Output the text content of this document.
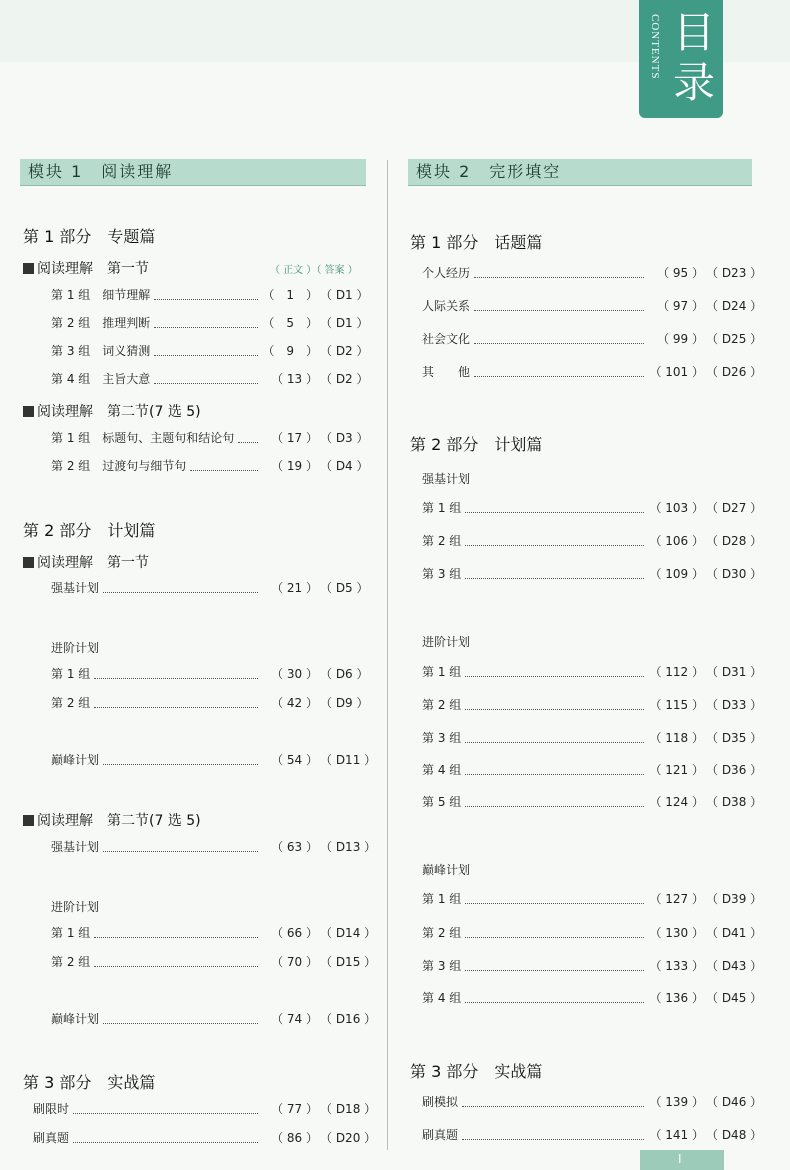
CONTENTS 目录
模块 1　阅读理解
第 1 部分　专题篇
阅读理解　第一节	（ 正文 ）（ 答案 ）
第 1 组　细节理解	（　1　） （ D1 ）
第 2 组　推理判断	（　5　） （ D1 ）
第 3 组　词义猜测	（　9　） （ D2 ）
第 4 组　主旨大意	（ 13 ） （ D2 ）
阅读理解　第二节(7 选 5)
第 1 组　标题句、主题句和结论句	（ 17 ） （ D3 ）
第 2 组　过渡句与细节句	（ 19 ） （ D4 ）
第 2 部分　计划篇
阅读理解　第一节
强基计划	（ 21 ） （ D5 ）
进阶计划
第 1 组	（ 30 ） （ D6 ）
第 2 组	（ 42 ） （ D9 ）
巅峰计划	（ 54 ） （ D11 ）
阅读理解　第二节(7 选 5)
强基计划	（ 63 ） （ D13 ）
进阶计划
第 1 组	（ 66 ） （ D14 ）
第 2 组	（ 70 ） （ D15 ）
巅峰计划	（ 74 ） （ D16 ）
第 3 部分　实战篇
刷限时	（ 77 ） （ D18 ）
刷真题	（ 86 ） （ D20 ）
模块 2　完形填空
第 1 部分　话题篇
个人经历	（ 95 ） （ D23 ）
人际关系	（ 97 ） （ D24 ）
社会文化	（ 99 ） （ D25 ）
其　　他	（ 101 ） （ D26 ）
第 2 部分　计划篇
强基计划
第 1 组	（ 103 ） （ D27 ）
第 2 组	（ 106 ） （ D28 ）
第 3 组	（ 109 ） （ D30 ）
进阶计划
第 1 组	（ 112 ） （ D31 ）
第 2 组	（ 115 ） （ D33 ）
第 3 组	（ 118 ） （ D35 ）
第 4 组	（ 121 ） （ D36 ）
第 5 组	（ 124 ） （ D38 ）
巅峰计划
第 1 组	（ 127 ） （ D39 ）
第 2 组	（ 130 ） （ D41 ）
第 3 组	（ 133 ） （ D43 ）
第 4 组	（ 136 ） （ D45 ）
第 3 部分　实战篇
刷模拟	（ 139 ） （ D46 ）
刷真题	（ 141 ） （ D48 ）
I
